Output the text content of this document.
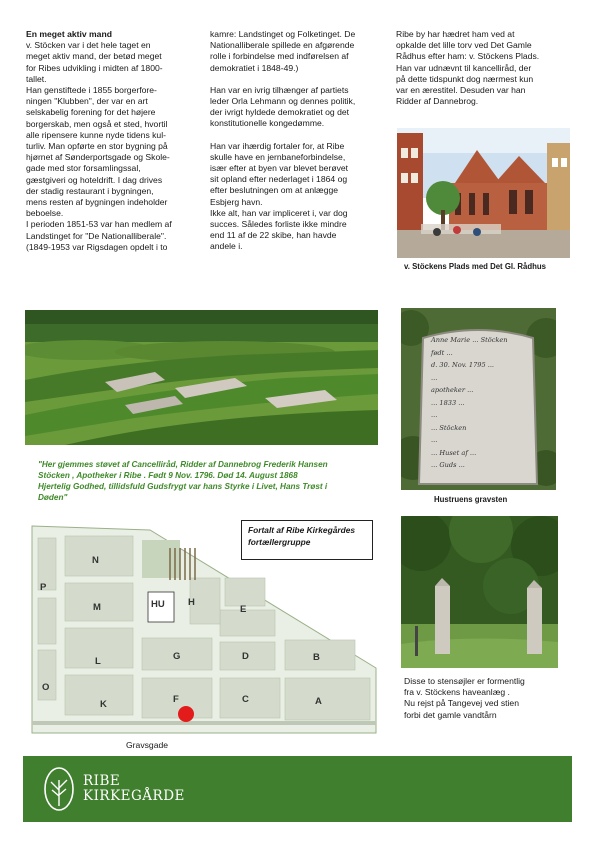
En meget aktiv mand

v. Stöcken var i det hele taget en
meget aktiv mand, der betød meget
for Ribes udvikling i midten af 1800-
tallet.
Han genstiftede i 1855 borgerfore-
ningen "Klubben", der var en art
selskabelig forening for det højere
borgerskab, men også et sted, hvortil
alle ripensere kunne nyde tidens kul-
turliv. Man opførte en stor bygning på
hjørnet af Sønderportsgade og Skole-
gade med stor forsamlingssal,
gæstgiveri og hoteldrift. I dag drives
der stadig restaurant i bygningen,
mens resten af bygningen indeholder
beboelse.
I perioden 1851-53 var han medlem af
Landstinget for "De Nationalliberale".
(1849-1953 var Rigsdagen opdelt i to

kamre: Landstinget og Folketinget. De
Nationalliberale spillede en afgørende
rolle i forbindelse med indførelsen af
demokratiet i 1848-49.)

Han var en ivrig tilhænger af partiets
leder Orla Lehmann og dennes politik,
der ivrigt hyldede demokratiet og det
konstitutionelle kongedømme.

Han var ihærdig fortaler for, at Ribe
skulle have en jernbaneforbindelse,
især efter at byen var blevet berøvet
sit opland efter nederlaget i 1864 og
efter beslutningen om at anlægge
Esbjerg havn.
Ikke alt, han var impliceret i, var dog
succes. Således forliste ikke mindre
end 11 af de 22 skibe, han havde
andele i.

Ribe by har hædret ham ved at
opkalde det lille torv ved Det Gamle
Rådhus efter ham: v. Stöckens Plads.
Han var udnævnt til kancelliråd, der
på dette tidspunkt dog nærmest kun
var en ærestitel. Desuden var han
Ridder af Dannebrog.

v. Stöckens Plads med Det Gl. Rådhus
Anne Marie ... Stöcken
født ...
d. 30. Nov. 1795 ...
...
apotheker ...
... 1833 ...
...
... Stöcken
...
... Huset af ...
... Guds ...
Hustruens gravsten
"Her gjemmes støvet af Cancelliråd, Ridder af Dannebrog Frederik Hansen
Stöcken , Apotheker i Ribe . Født 9 Nov. 1796. Død 14. August 1868
Hjertelig Godhed, tillidsfuld Gudsfrygt var hans Styrke i Livet, Hans Trøst i
Døden"
N
P
M	HU H
E
L	G	D	B
O
K	F	C	A
Fortalt af Ribe Kirkegårdes
fortællergruppe
Gravsgade
Disse to stensøjler er formentlig
fra v. Stöckens haveanlæg .
Nu rejst på Tangevej ved stien
forbi det gamle vandtårn
RIBE
KIRKEGÅRDE
